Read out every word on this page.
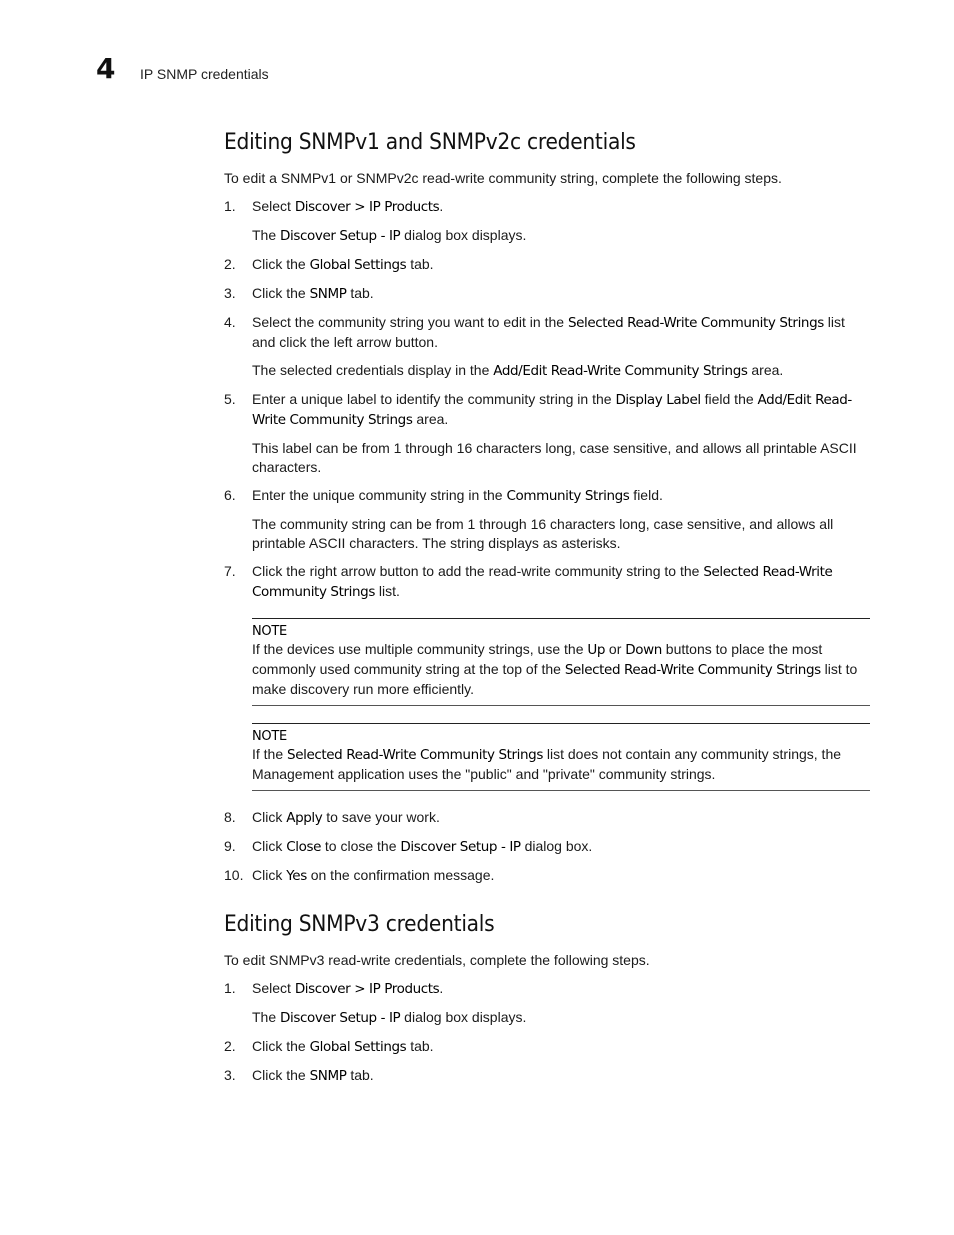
4 IP SNMP credentials
Editing SNMPv1 and SNMPv2c credentials

To edit a SNMPv1 or SNMPv2c read-write community string, complete the following steps.

1. Select Discover > IP Products.

The Discover Setup - IP dialog box displays.

2. Click the Global Settings tab.
3. Click the SNMP tab.
4. Select the community string you want to edit in the Selected Read-Write Community Strings list and click the left arrow button.

The selected credentials display in the Add/Edit Read-Write Community Strings area.

5. Enter a unique label to identify the community string in the Display Label field the Add/Edit Read-Write Community Strings area.

This label can be from 1 through 16 characters long, case sensitive, and allows all printable ASCII characters.

6. Enter the unique community string in the Community Strings field.

The community string can be from 1 through 16 characters long, case sensitive, and allows all printable ASCII characters. The string displays as asterisks.

7. Click the right arrow button to add the read-write community string to the Selected Read-Write Community Strings list.
NOTE

If the devices use multiple community strings, use the Up or Down buttons to place the most commonly used community string at the top of the Selected Read-Write Community Strings list to make discovery run more efficiently.

NOTE

If the Selected Read-Write Community Strings list does not contain any community strings, the Management application uses the "public" and "private" community strings.

8. Click Apply to save your work.
9. Click Close to close the Discover Setup - IP dialog box.
10. Click Yes on the confirmation message.
Editing SNMPv3 credentials

To edit SNMPv3 read-write credentials, complete the following steps.

1. Select Discover > IP Products.

The Discover Setup - IP dialog box displays.

2. Click the Global Settings tab.
3. Click the SNMP tab.
